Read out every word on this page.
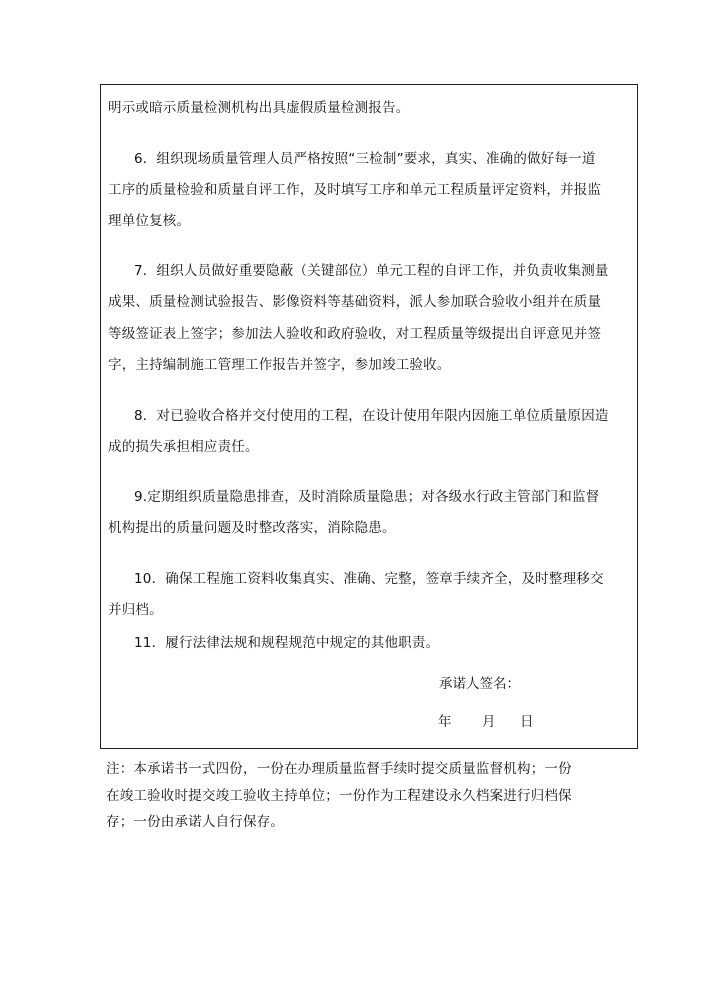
明示或暗示质量检测机构出具虚假质量检测报告。
6．组织现场质量管理人员严格按照“三检制”要求，真实、准确的做好每一道
工序的质量检验和质量自评工作，及时填写工序和单元工程质量评定资料，并报监
理单位复核。
7．组织人员做好重要隐蔽（关键部位）单元工程的自评工作，并负责收集测量
成果、质量检测试验报告、影像资料等基础资料，派人参加联合验收小组并在质量
等级签证表上签字；参加法人验收和政府验收，对工程质量等级提出自评意见并签
字，主持编制施工管理工作报告并签字，参加竣工验收。
8．对已验收合格并交付使用的工程，在设计使用年限内因施工单位质量原因造
成的损失承担相应责任。
9.定期组织质量隐患排查，及时消除质量隐患；对各级水行政主管部门和监督
机构提出的质量问题及时整改落实，消除隐患。
10．确保工程施工资料收集真实、准确、完整，签章手续齐全，及时整理移交
并归档。
11．履行法律法规和规程规范中规定的其他职责。
承诺人签名：
年 月 日
注：本承诺书一式四份，一份在办理质量监督手续时提交质量监督机构；一份
在竣工验收时提交竣工验收主持单位；一份作为工程建设永久档案进行归档保
存；一份由承诺人自行保存。
